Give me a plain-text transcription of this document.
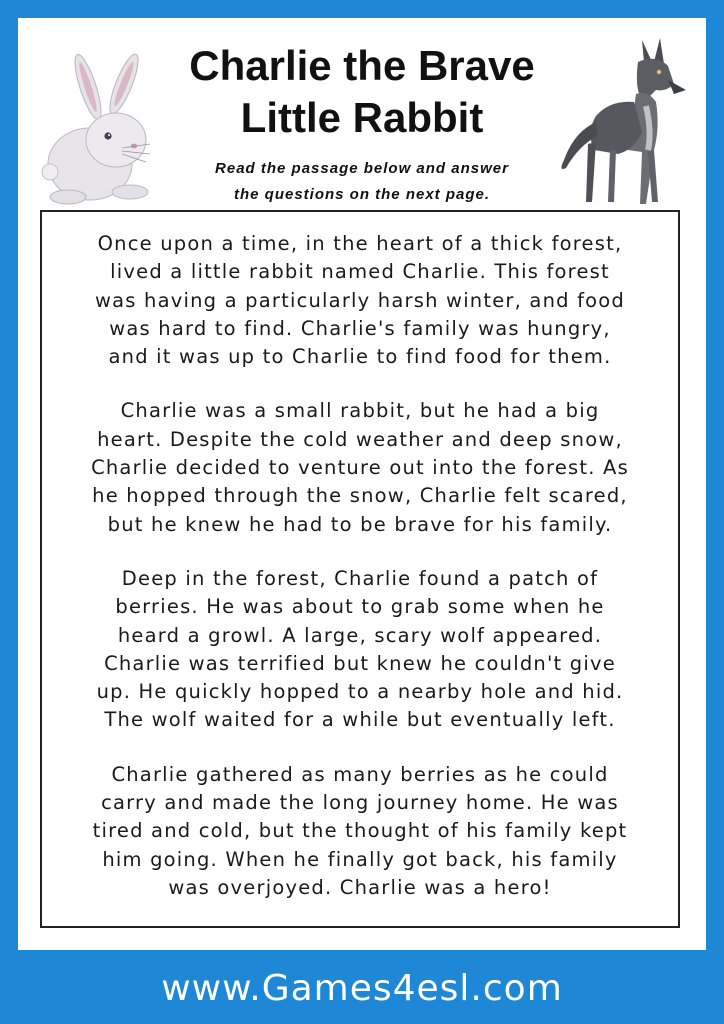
Charlie the Brave
Little Rabbit
Read the passage below and answer
the questions on the next page.

Once upon a time, in the heart of a thick forest,
lived a little rabbit named Charlie. This forest
was having a particularly harsh winter, and food
was hard to find. Charlie's family was hungry,
and it was up to Charlie to find food for them.

Charlie was a small rabbit, but he had a big
heart. Despite the cold weather and deep snow,
Charlie decided to venture out into the forest. As
he hopped through the snow, Charlie felt scared,
but he knew he had to be brave for his family.

Deep in the forest, Charlie found a patch of
berries. He was about to grab some when he
heard a growl. A large, scary wolf appeared.
Charlie was terrified but knew he couldn't give
up. He quickly hopped to a nearby hole and hid.
The wolf waited for a while but eventually left.

Charlie gathered as many berries as he could
carry and made the long journey home. He was
tired and cold, but the thought of his family kept
him going. When he finally got back, his family
was overjoyed. Charlie was a hero!

www.Games4esl.com
